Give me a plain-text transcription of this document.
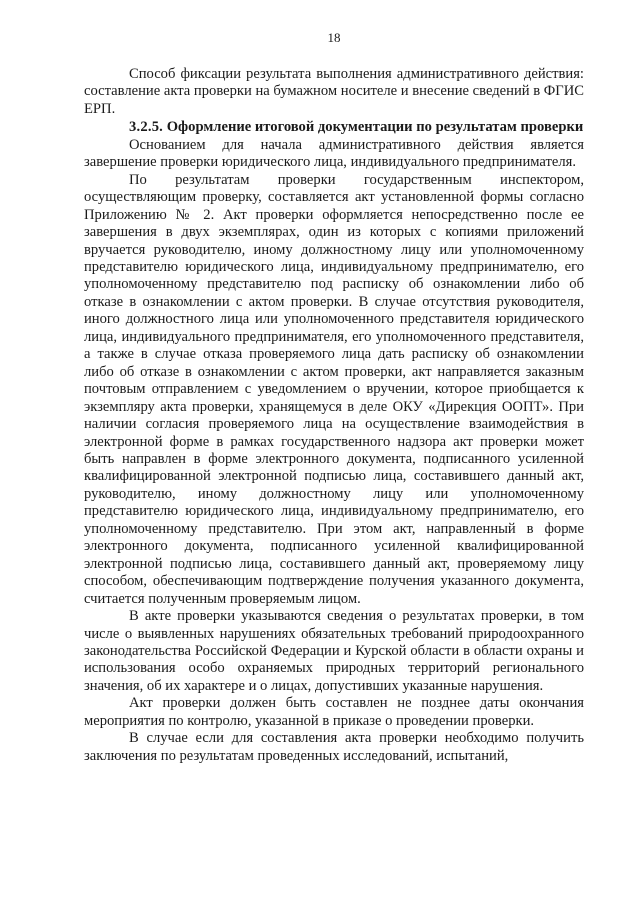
18

Способ фиксации результата выполнения административного действия: составление акта проверки на бумажном носителе и внесение сведений в ФГИС ЕРП.

3.2.5. Оформление итоговой документации по результатам проверки

Основанием для начала административного действия является завершение проверки юридического лица, индивидуального предпринимателя.

По результатам проверки государственным инспектором, осуществляющим проверку, составляется акт установленной формы согласно Приложению № 2. Акт проверки оформляется непосредственно после ее завершения в двух экземплярах, один из которых с копиями приложений вручается руководителю, иному должностному лицу или уполномоченному представителю юридического лица, индивидуальному предпринимателю, его уполномоченному представителю под расписку об ознакомлении либо об отказе в ознакомлении с актом проверки. В случае отсутствия руководителя, иного должностного лица или уполномоченного представителя юридического лица, индивидуального предпринимателя, его уполномоченного представителя, а также в случае отказа проверяемого лица дать расписку об ознакомлении либо об отказе в ознакомлении с актом проверки, акт направляется заказным почтовым отправлением с уведомлением о вручении, которое приобщается к экземпляру акта проверки, хранящемуся в деле ОКУ «Дирекция ООПТ». При наличии согласия проверяемого лица на осуществление взаимодействия в электронной форме в рамках государственного надзора акт проверки может быть направлен в форме электронного документа, подписанного усиленной квалифицированной электронной подписью лица, составившего данный акт, руководителю, иному должностному лицу или уполномоченному представителю юридического лица, индивидуальному предпринимателю, его уполномоченному представителю. При этом акт, направленный в форме электронного документа, подписанного усиленной квалифицированной электронной подписью лица, составившего данный акт, проверяемому лицу способом, обеспечивающим подтверждение получения указанного документа, считается полученным проверяемым лицом.

В акте проверки указываются сведения о результатах проверки, в том числе о выявленных нарушениях обязательных требований природоохранного законодательства Российской Федерации и Курской области в области охраны и использования особо охраняемых природных территорий регионального значения, об их характере и о лицах, допустивших указанные нарушения.

Акт проверки должен быть составлен не позднее даты окончания мероприятия по контролю, указанной в приказе о проведении проверки.

В случае если для составления акта проверки необходимо получить заключения по результатам проведенных исследований, испытаний,
